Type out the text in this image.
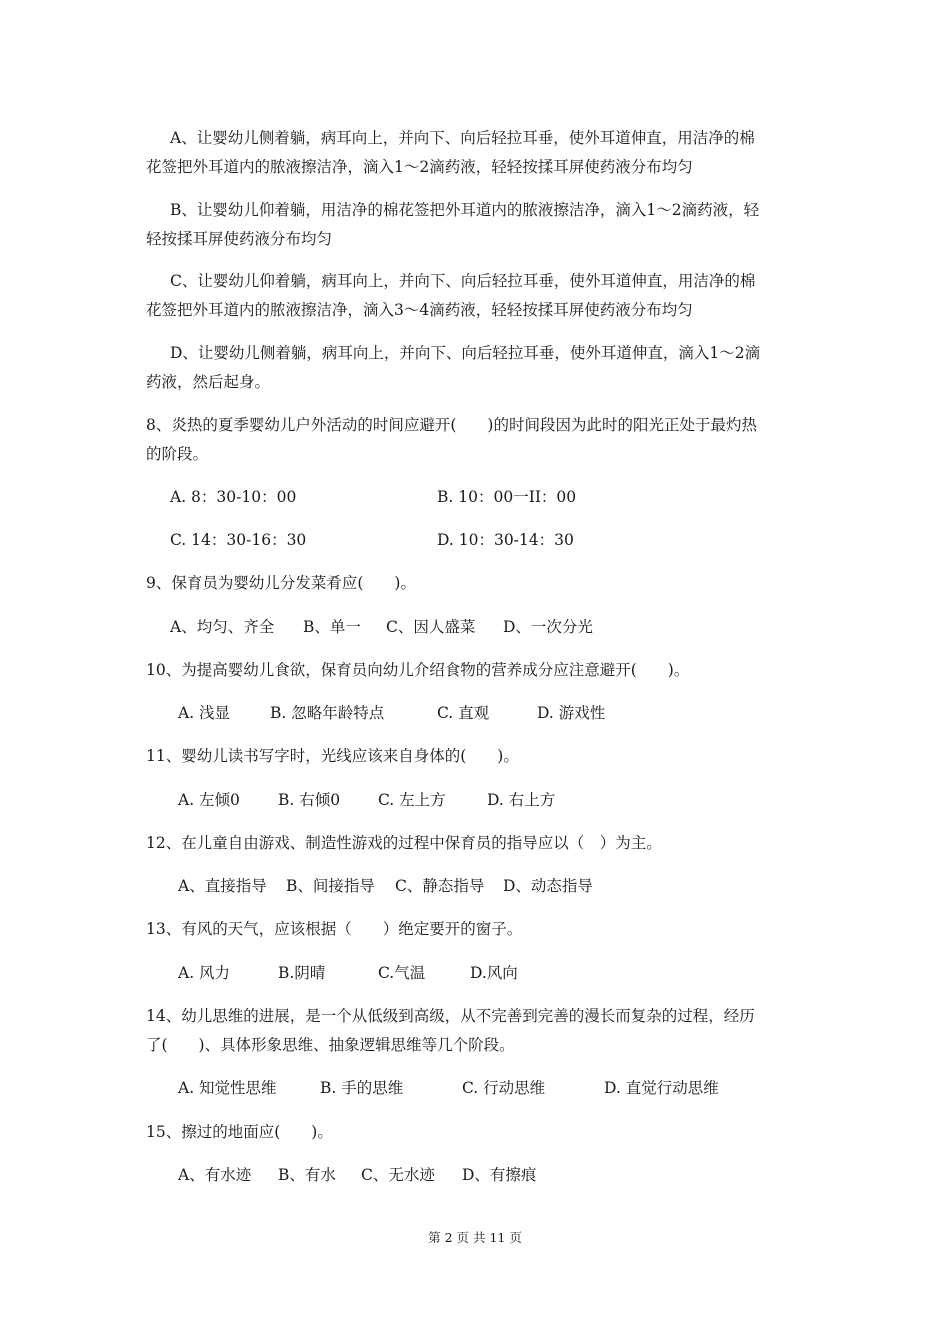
A、让婴幼儿侧着躺，病耳向上，并向下、向后轻拉耳垂，使外耳道伸直，用洁净的棉
花签把外耳道内的脓液擦洁净，滴入1～2滴药液，轻轻按揉耳屏使药液分布均匀
B、让婴幼儿仰着躺，用洁净的棉花签把外耳道内的脓液擦洁净，滴入1～2滴药液，轻
轻按揉耳屏使药液分布均匀
C、让婴幼儿仰着躺，病耳向上，并向下、向后轻拉耳垂，使外耳道伸直，用洁净的棉
花签把外耳道内的脓液擦洁净，滴入3～4滴药液，轻轻按揉耳屏使药液分布均匀
D、让婴幼儿侧着躺，病耳向上，并向下、向后轻拉耳垂，使外耳道伸直，滴入1～2滴
药液，然后起身。
8、炎热的夏季婴幼儿户外活动的时间应避开(　　)的时间段因为此时的阳光正处于最灼热
的阶段。
A. 8：30-10：00	B. 10：00一II：00
C. 14：30-16：30	D. 10：30-14：30
9、保育员为婴幼儿分发菜肴应(　　)。
A、均匀、齐全 B、单一 C、因人盛菜 D、一次分光
10、为提高婴幼儿食欲，保育员向幼儿介绍食物的营养成分应注意避开(　　)。
A. 浅显	B. 忽略年龄特点	C. 直观	D. 游戏性
11、婴幼儿读书写字时，光线应该来自身体的(　　)。
A. 左倾0 B. 右倾0 C. 左上方	D. 右上方
12、在儿童自由游戏、制造性游戏的过程中保育员的指导应以（　）为主。
A、直接指导 B、间接指导 C、静态指导 D、动态指导
13、有风的天气，应该根据（　　）绝定要开的窗子。
A. 风力	B.阴晴	C.气温	D.风向
14、幼儿思维的进展，是一个从低级到高级，从不完善到完善的漫长而复杂的过程，经历
了(　　)、具体形象思维、抽象逻辑思维等几个阶段。
A. 知觉性思维	B. 手的思维	C. 行动思维	D. 直觉行动思维
15、擦过的地面应(　　)。
A、有水迹 B、有水 C、无水迹 D、有擦痕
第 2 页 共 11 页
